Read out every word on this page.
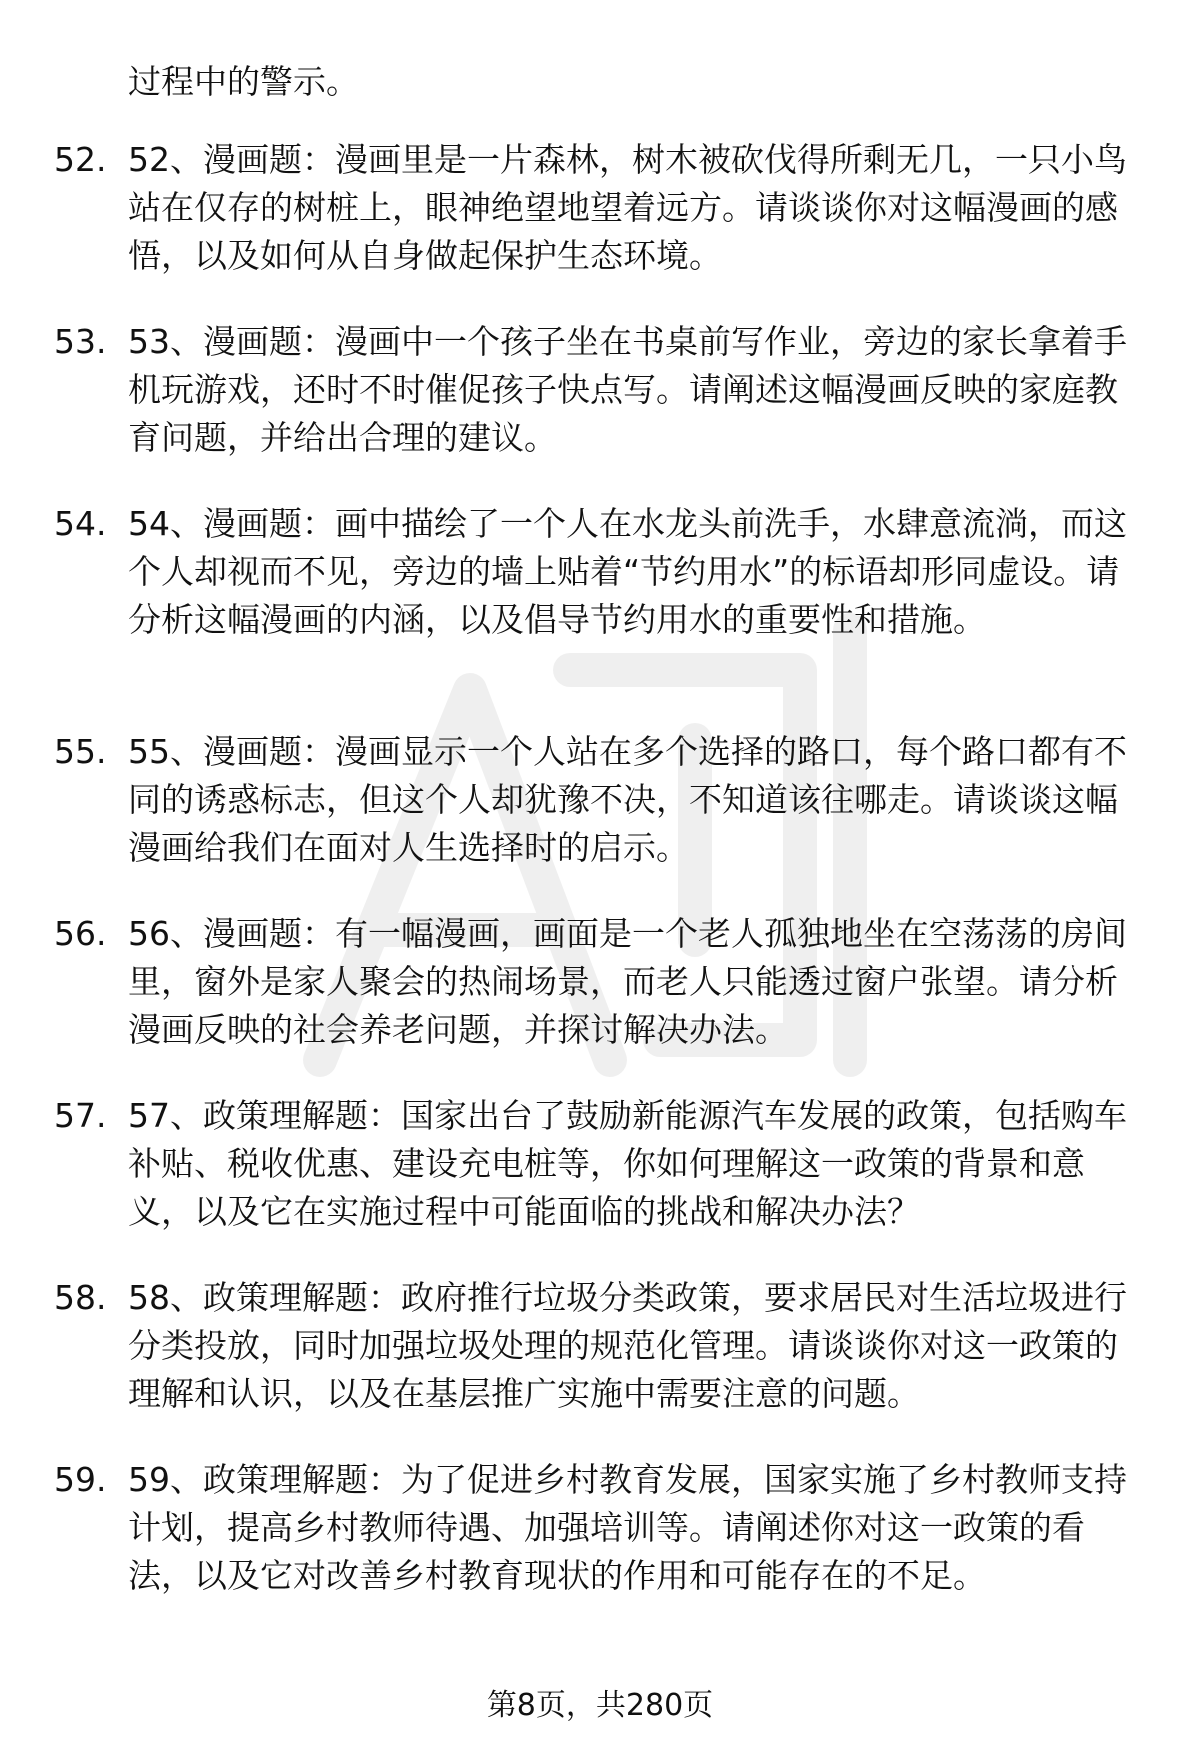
过程中的警示。
52. 52、漫画题：漫画里是一片森林，树木被砍伐得所剩无几，一只小鸟站在仅存的树桩上，眼神绝望地望着远方。请谈谈你对这幅漫画的感悟，以及如何从自身做起保护生态环境。
53. 53、漫画题：漫画中一个孩子坐在书桌前写作业，旁边的家长拿着手机玩游戏，还时不时催促孩子快点写。请阐述这幅漫画反映的家庭教育问题，并给出合理的建议。
54. 54、漫画题：画中描绘了一个人在水龙头前洗手，水肆意流淌，而这个人却视而不见，旁边的墙上贴着“节约用水”的标语却形同虚设。请分析这幅漫画的内涵，以及倡导节约用水的重要性和措施。
55. 55、漫画题：漫画显示一个人站在多个选择的路口，每个路口都有不同的诱惑标志，但这个人却犹豫不决，不知道该往哪走。请谈谈这幅漫画给我们在面对人生选择时的启示。
56. 56、漫画题：有一幅漫画，画面是一个老人孤独地坐在空荡荡的房间里，窗外是家人聚会的热闹场景，而老人只能透过窗户张望。请分析漫画反映的社会养老问题，并探讨解决办法。
57. 57、政策理解题：国家出台了鼓励新能源汽车发展的政策，包括购车补贴、税收优惠、建设充电桩等，你如何理解这一政策的背景和意义，以及它在实施过程中可能面临的挑战和解决办法？
58. 58、政策理解题：政府推行垃圾分类政策，要求居民对生活垃圾进行分类投放，同时加强垃圾处理的规范化管理。请谈谈你对这一政策的理解和认识，以及在基层推广实施中需要注意的问题。
59. 59、政策理解题：为了促进乡村教育发展，国家实施了乡村教师支持计划，提高乡村教师待遇、加强培训等。请阐述你对这一政策的看法，以及它对改善乡村教育现状的作用和可能存在的不足。
第8页，共280页
